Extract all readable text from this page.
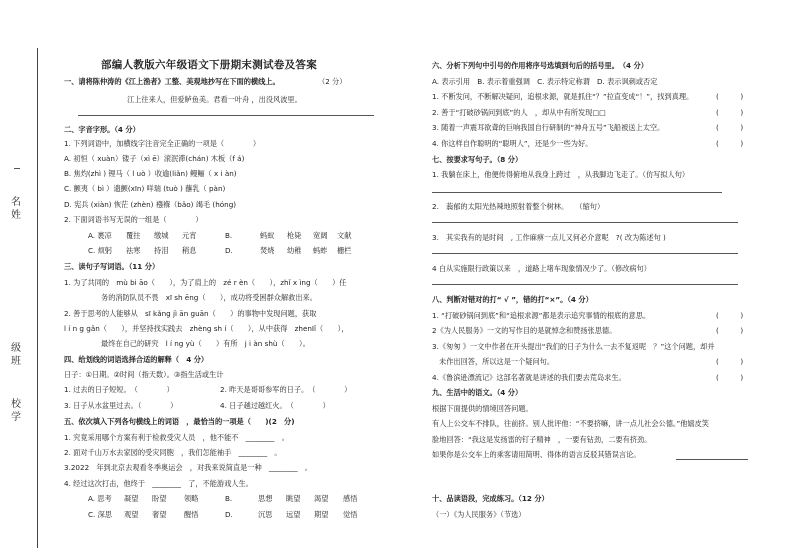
名姓
级班
校学
部编人教版六年级语文下册期末测试卷及答案
一、请将陈仲涛的《江上渔者》工整、美观地抄写在下面的横线上。	（2 分）
江上往来人，但爱鲈鱼美。君看一叶舟 ，出没风波里。
二、字音字形。（4 分）
1. 下列词语中，加横线字注音完全正确的一项是（　　　　）
A. 初恒（ xuàn）镂子（xì ē）滚泯滞(chán) 木板（f á)
B. 焦灼(zhì ) 锂马（ l uò ）收逾(liǎn) 鳗鲡（ x i àn)
C. 颤夷（ bì ）遗颤(xīn) 咩瑞 (tuò ) 蘸乳（ pàn)
D. 宪兵 (xiàn) 恢茫 (zhèn) 襁褓（bǎo) 竭毛 (hóng)
2. 下面词语书写无误的一组是（　　　　）
A. 裹凉 覆拄 缴城 元宵	B.	蚂蚁 枪毙 宽阔 文献
C. 烦躬 祛寒 持泪 稍息	D.	焚烧 幼稚 蚂蚱 栅栏
三、读句子写词语。（11 分）
1. 为了共同的　mù bi āo（　　），为了肩上的　zé r èn（　　），zhǐ x ìng（　　）任
务的消防队员不畏　xī sh ēng（　　），成功将受困群众解救出来。
2. 善于思考的人能够从　sī kǎng jì ān guān（　　）的事物中发现问题，获取
l í n g gǎn（　　），并坚持找实践去　zhèng sh í（　　），从中获得　zhenIǐ（　　），
最终在自己的研究　l í ng yù（　　）有所　j i àn shù（　　）。
四、给划线的词语选择合适的解释（　4 分）
日子：①日期。②时间（指天数）。③指生活或生计
1. 过去的日子短短。　（　　　　）	2. 昨天是哥哥参军的日子。　（　　　　）
3. 日子从水盆里过去。（　　　　）	4. 日子越过越红火。　（　　　　）
五、依次填入下列各句横线上的词语　，最恰当的一项是（　　)(2　分)
1. 究竟采用哪个方案有利于检救受灾人员　，他不能不　________　。
2. 面对千山万水去家园的受灾同胞　，我们怎能袖手　________　。
3.2022　年到北京去观看冬季奥运会　，对我来说简直是一种　________　。
4. 经过这次打击，他终于　________　了，不能游戏人生。
A. 思考 凝望 盼望 领略	B.	思想 眺望 渴望 感悟
C. 深思 观望 奢望 醒悟	D.	沉思 远望 期望 觉悟
六、分析下列句中引号的作用将序号选填到句后的括号里。　（4 分）
A. 表示引用　B. 表示着重强调　C. 表示特定称谓　D. 表示讽刺或否定
1. 不断发问，不断解决疑问，追根求源，就是抓住“？”拉直变成“！”，找到真理。	(　　　)
2. 善于“打破砂锅问到底”的人　，却从中有所发现□□	(　　　)
3. 随着一声震耳欲聋的巨响我国自行研制的“神舟五号”飞船被送上太空。	(　　　)
4. 你这样自作聪明的“聪明人”，还是少一些为好。	(　　　)
七、按要求写句子。（8 分）
1. 我躺在床上，他便传得俯地从我身上跨过　，从我脚边飞走了。（仿写拟人句）
2.　蓊郁的太阳光热辣地照射着整个树林。　　（缩句）
3.　其实我有的是时间　, 工作麻痹一点儿又何必介意呢　?( 改为陈述句 )
4 白从实施限行政策以来　，道路上堵车现象情况少了。（修改病句）
八、判断对错对的打“ √ ”，错的打“×”。（4 分）
1. “打破砂锅问到底”和“追根求源”都是表示追究事情的根底的意思。	(　　　)
2《为人民服务》一文的写作目的是就悼念和赞扬张思德。	(　　　)
3.《匆匆 》一文中作者在开头提出“我们的日子为什么一去不复返呢　？”这个问题，却并
未作出回答，所以这是一个疑问句。	(　　　)
4.《鲁滨逊漂流记》这部名著就是讲述的我们要去荒岛求生。	(　　　)
九、生活中的语文。（4 分）
根据下面提供的情境回答问题。
有人上公交车不排队，往前挤。别人批评他：“不要挤嘛，讲一点儿社会公德。”他嬉皮笑
脸地回答：“我这是发扬雷的钉子精神　，一要有钻劲，二要有挤劲。
如果你是公交车上的乘客请用简明、得体的语言反驳其错误言论。
十、品读语段，完成练习。（12 分）
（一）《为人民服务》（节选）
